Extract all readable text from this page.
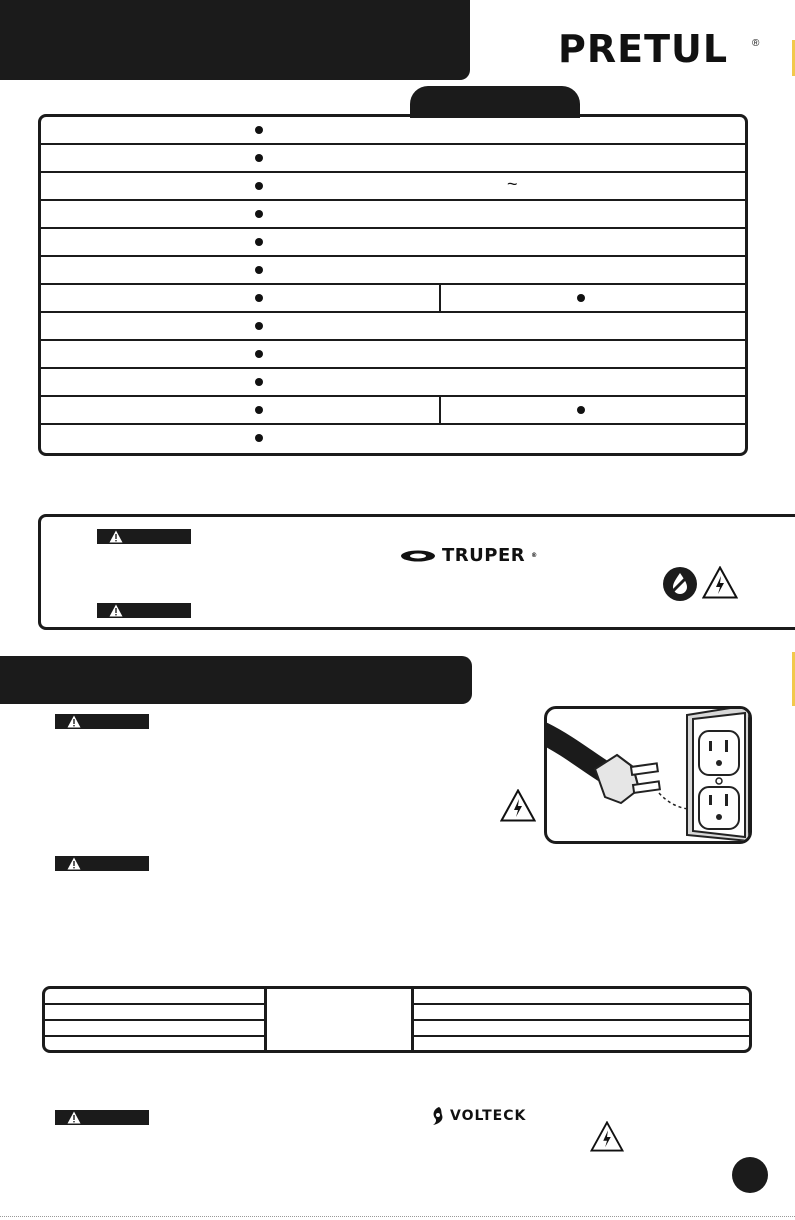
PRETUL ®
~
TRUPER ®
VOLTECK
